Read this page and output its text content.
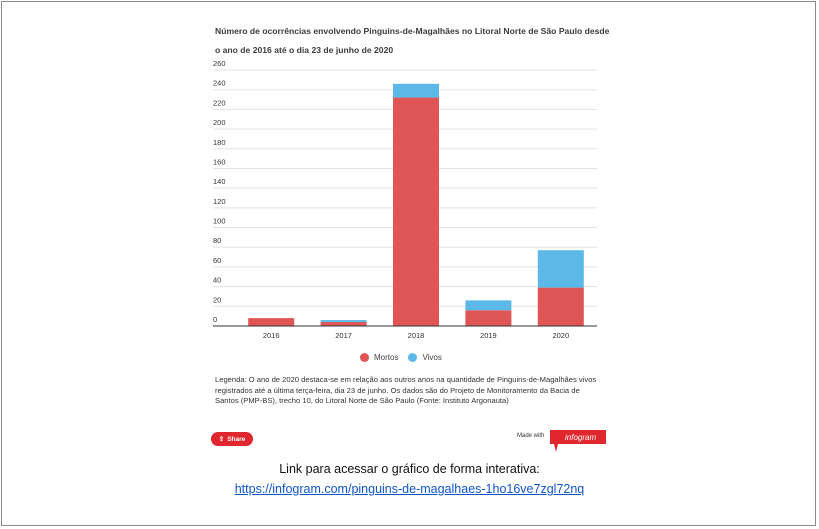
Número de ocorrências envolvendo Pinguins-de-Magalhães no Litoral Norte de São Paulo desde o ano de 2016 até o dia 23 de junho de 2020
0
20
40
60
80
100
120
140
160
180
200
220
240
260
2016	2017	2018	2019	2020
Mortos	Vivos
Legenda: O ano de 2020 destaca-se em relação aos outros anos na quantidade de Pinguins-de-Magalhães vivos registrados até a última terça-feira, dia 23 de junho. Os dados são do Projeto de Monitoramento da Bacia de Santos (PMP-BS), trecho 10, do Litoral Norte de São Paulo (Fonte: Instituto Argonauta)
⇪ Share	Made with	infogram
Link para acessar o gráfico de forma interativa:
https://infogram.com/pinguins-de-magalhaes-1ho16ve7zgl72nq
